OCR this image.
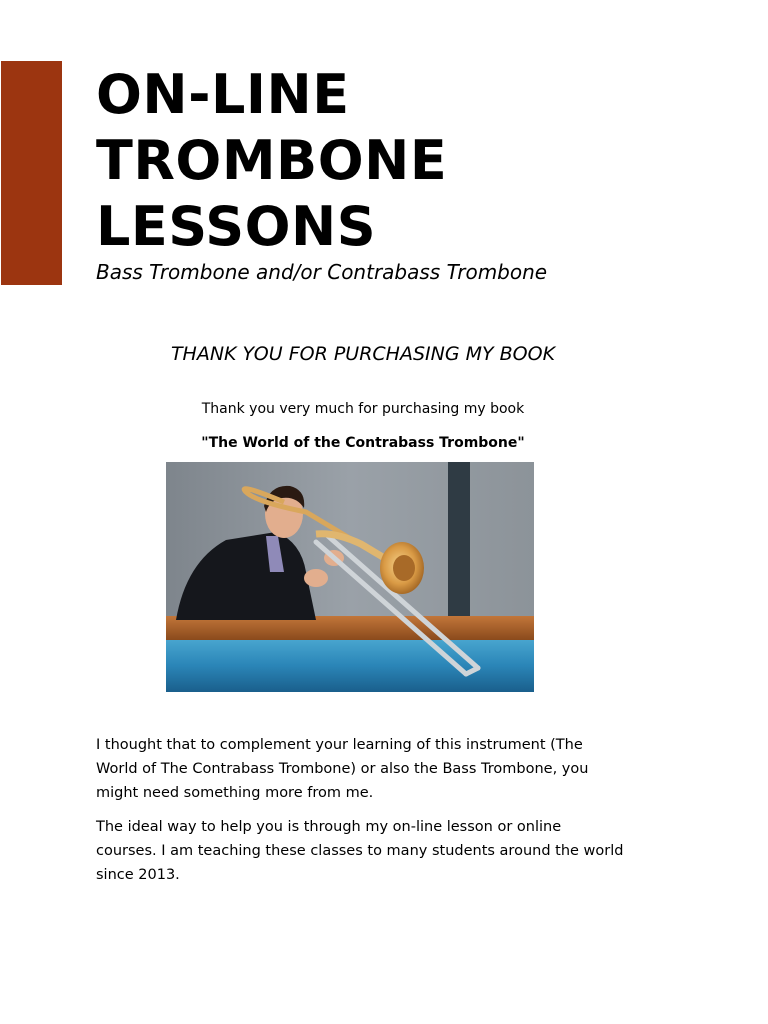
ON-LINE
TROMBONE
LESSONS

Bass Trombone and/or Contrabass Trombone

THANK YOU FOR PURCHASING MY BOOK
Thank you very much for purchasing my book
"The World of the Contrabass Trombone"

I thought that to complement your learning of this instrument (The World of The Contrabass Trombone) or also the Bass Trombone, you might need something more from me.

The ideal way to help you is through my on-line lesson or online courses. I am teaching these classes to many students around the world since 2013.
